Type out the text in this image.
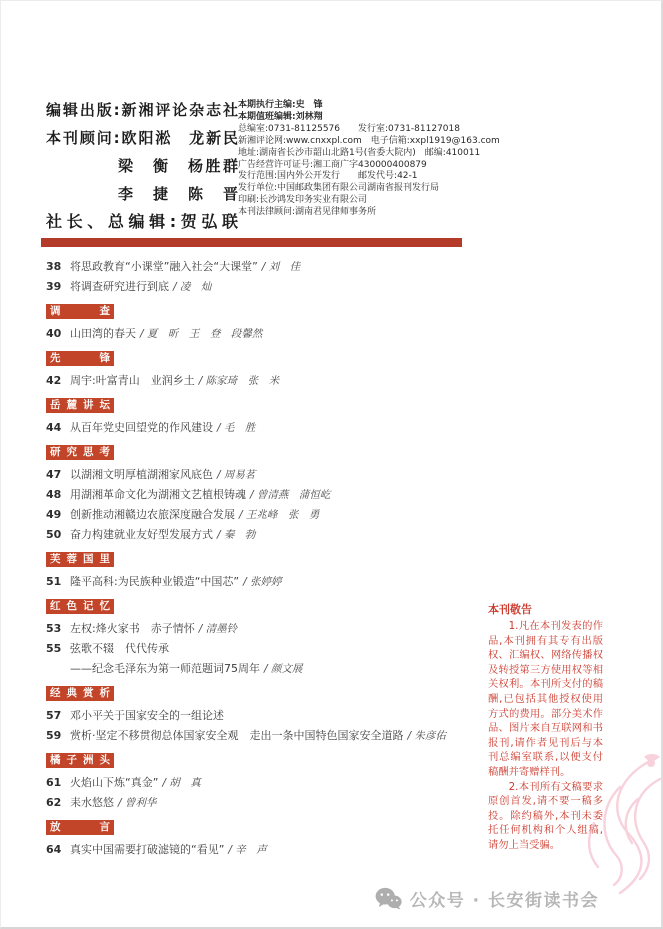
编辑出版:新湘评论杂志社
本刊顾问:欧阳淞　龙新民
梁　衡　杨胜群
李　捷　陈　晋
社长、总编辑:贺弘联
本期执行主编:史　锋
本期值班编辑:刘林翔
总编室:0731-81125576　　发行室:0731-81127018
新湘评论网:www.cnxxpl.com　电子信箱:xxpl1919@163.com
地址:湖南省长沙市韶山北路1号(省委大院内)　邮编:410011
广告经营许可证号:湘工商广字430000400879
发行范围:国内外公开发行　　邮发代号:42-1
发行单位:中国邮政集团有限公司湖南省报刊发行局
印刷:长沙鸿发印务实业有限公司
本刊法律顾问:湖南君见律师事务所
38 将思政教育“小课堂”融入社会“大课堂” / 刘　佳
39 将调查研究进行到底 / 凌　灿
调查
40 山田湾的春天 / 夏　昕　王　登　段馨然
先锋
42 周宇:叶富青山　业润乡土 / 陈家琦　张　米
岳麓讲坛
44 从百年党史回望党的作风建设 / 毛　胜
研究思考
47 以湖湘文明厚植湖湘家风底色 / 周易茗
48 用湖湘革命文化为湖湘文艺植根铸魂 / 曾清燕　蒲恒屹
49 创新推动湘赣边农旅深度融合发展 / 王兆峰　张　勇
50 奋力构建就业友好型发展方式 / 秦　勃
芙蓉国里
51 隆平高科:为民族种业锻造“中国芯” / 张婷婷
红色记忆
53 左权:烽火家书　赤子情怀 / 清墨铃
55 弦歌不辍　代代传承
——纪念毛泽东为第一师范题词75周年 / 颜文展
经典赏析
57 邓小平关于国家安全的一组论述
59 赏析·坚定不移贯彻总体国家安全观　走出一条中国特色国家安全道路 / 朱彦佑
橘子洲头
61 火焰山下炼“真金” / 胡　真
62 耒水悠悠 / 曾利华
放言
64 真实中国需要打破滤镜的“看见” / 辛　声
本刊敬告

1.凡在本刊发表的作品,本刊拥有其专有出版权、汇编权、网络传播权及转授第三方使用权等相关权利。本刊所支付的稿酬,已包括其他授权使用方式的费用。部分美术作品、图片来自互联网和书报刊,请作者见刊后与本刊总编室联系,以便支付稿酬并寄赠样刊。

2.本刊所有文稿要求原创首发,请不要一稿多投。除约稿外,本刊未委托任何机构和个人组稿,请勿上当受骗。

公众号 · 长安街读书会
